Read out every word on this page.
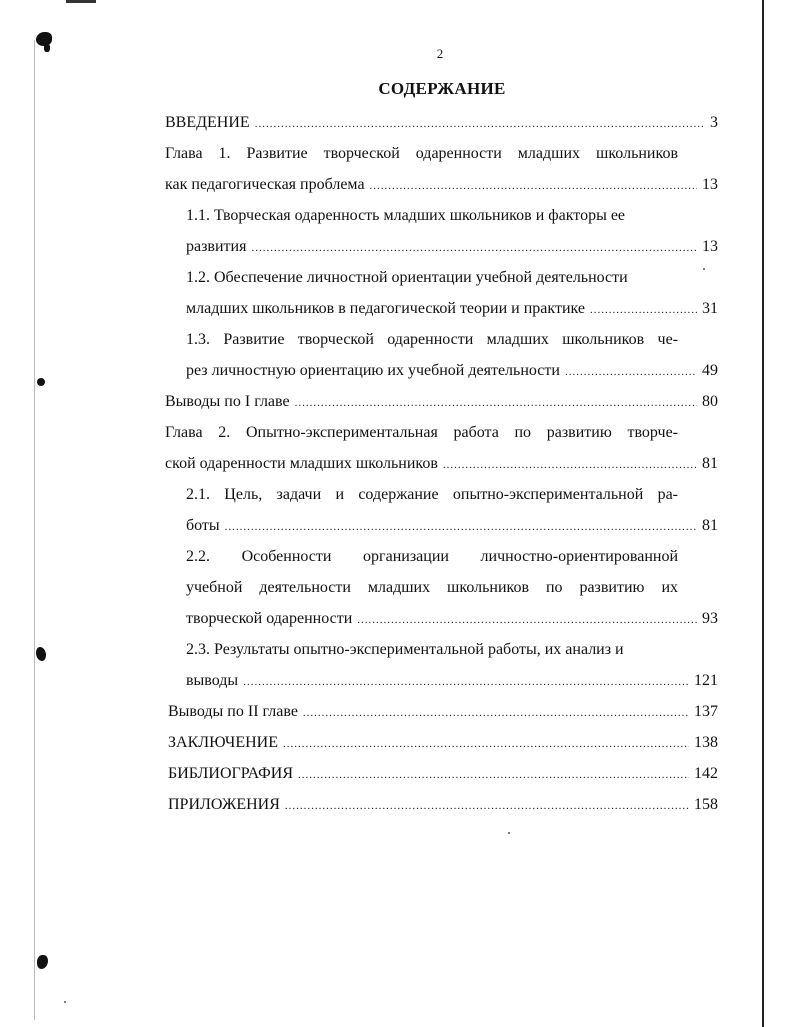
2
СОДЕРЖАНИЕ
ВВЕДЕНИЕ .....	3
Глава 1. Развитие творческой одаренности младших школьников
как педагогическая проблема .....	13
1.1. Творческая одаренность младших школьников и факторы ее
развития .....	13
1.2. Обеспечение личностной ориентации учебной деятельности
младших школьников в педагогической теории и практике .....	31
1.3. Развитие творческой одаренности младших школьников че-
рез личностную ориентацию их учебной деятельности .....	49
Выводы по I главе .....	80
Глава 2. Опытно-экспериментальная работа по развитию творче-
ской одаренности младших школьников .....	81
2.1. Цель, задачи и содержание опытно-экспериментальной ра-
боты .....	81
2.2. Особенности организации личностно-ориентированной
учебной деятельности младших школьников по развитию их
творческой одаренности .....	93
2.3. Результаты опытно-экспериментальной работы, их анализ и
выводы .....	121
Выводы по II главе .....	137
ЗАКЛЮЧЕНИЕ .....	138
БИБЛИОГРАФИЯ .....	142
ПРИЛОЖЕНИЯ .....	158
